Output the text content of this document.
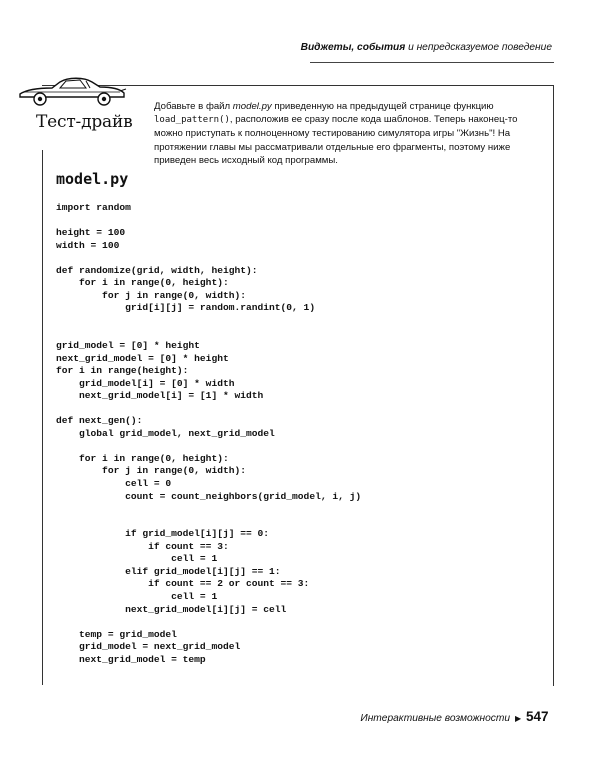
Виджеты, события и непредсказуемое поведение
Тест-драйв
Добавьте в файл model.py приведенную на предыдущей странице функцию load_pattern(), расположив ее сразу после кода шаблонов. Теперь наконец-то можно приступать к полноценному тестированию симулятора игры "Жизнь"! На протяжении главы мы рассматривали отдельные его фрагменты, поэтому ниже приведен весь исходный код программы.
model.py
import random
height = 100
width = 100
def randomize(grid, width, height):
for i in range(0, height):
for j in range(0, width):
grid[i][j] = random.randint(0, 1)
grid_model = [0] * height
next_grid_model = [0] * height
for i in range(height):
grid_model[i] = [0] * width
next_grid_model[i] = [1] * width
def next_gen():
global grid_model, next_grid_model
for i in range(0, height):
for j in range(0, width):
cell = 0
count = count_neighbors(grid_model, i, j)
if grid_model[i][j] == 0:
if count == 3:
cell = 1
elif grid_model[i][j] == 1:
if count == 2 or count == 3:
cell = 1
next_grid_model[i][j] = cell
temp = grid_model
grid_model = next_grid_model
next_grid_model = temp
Интерактивные возможности ▶ 547
